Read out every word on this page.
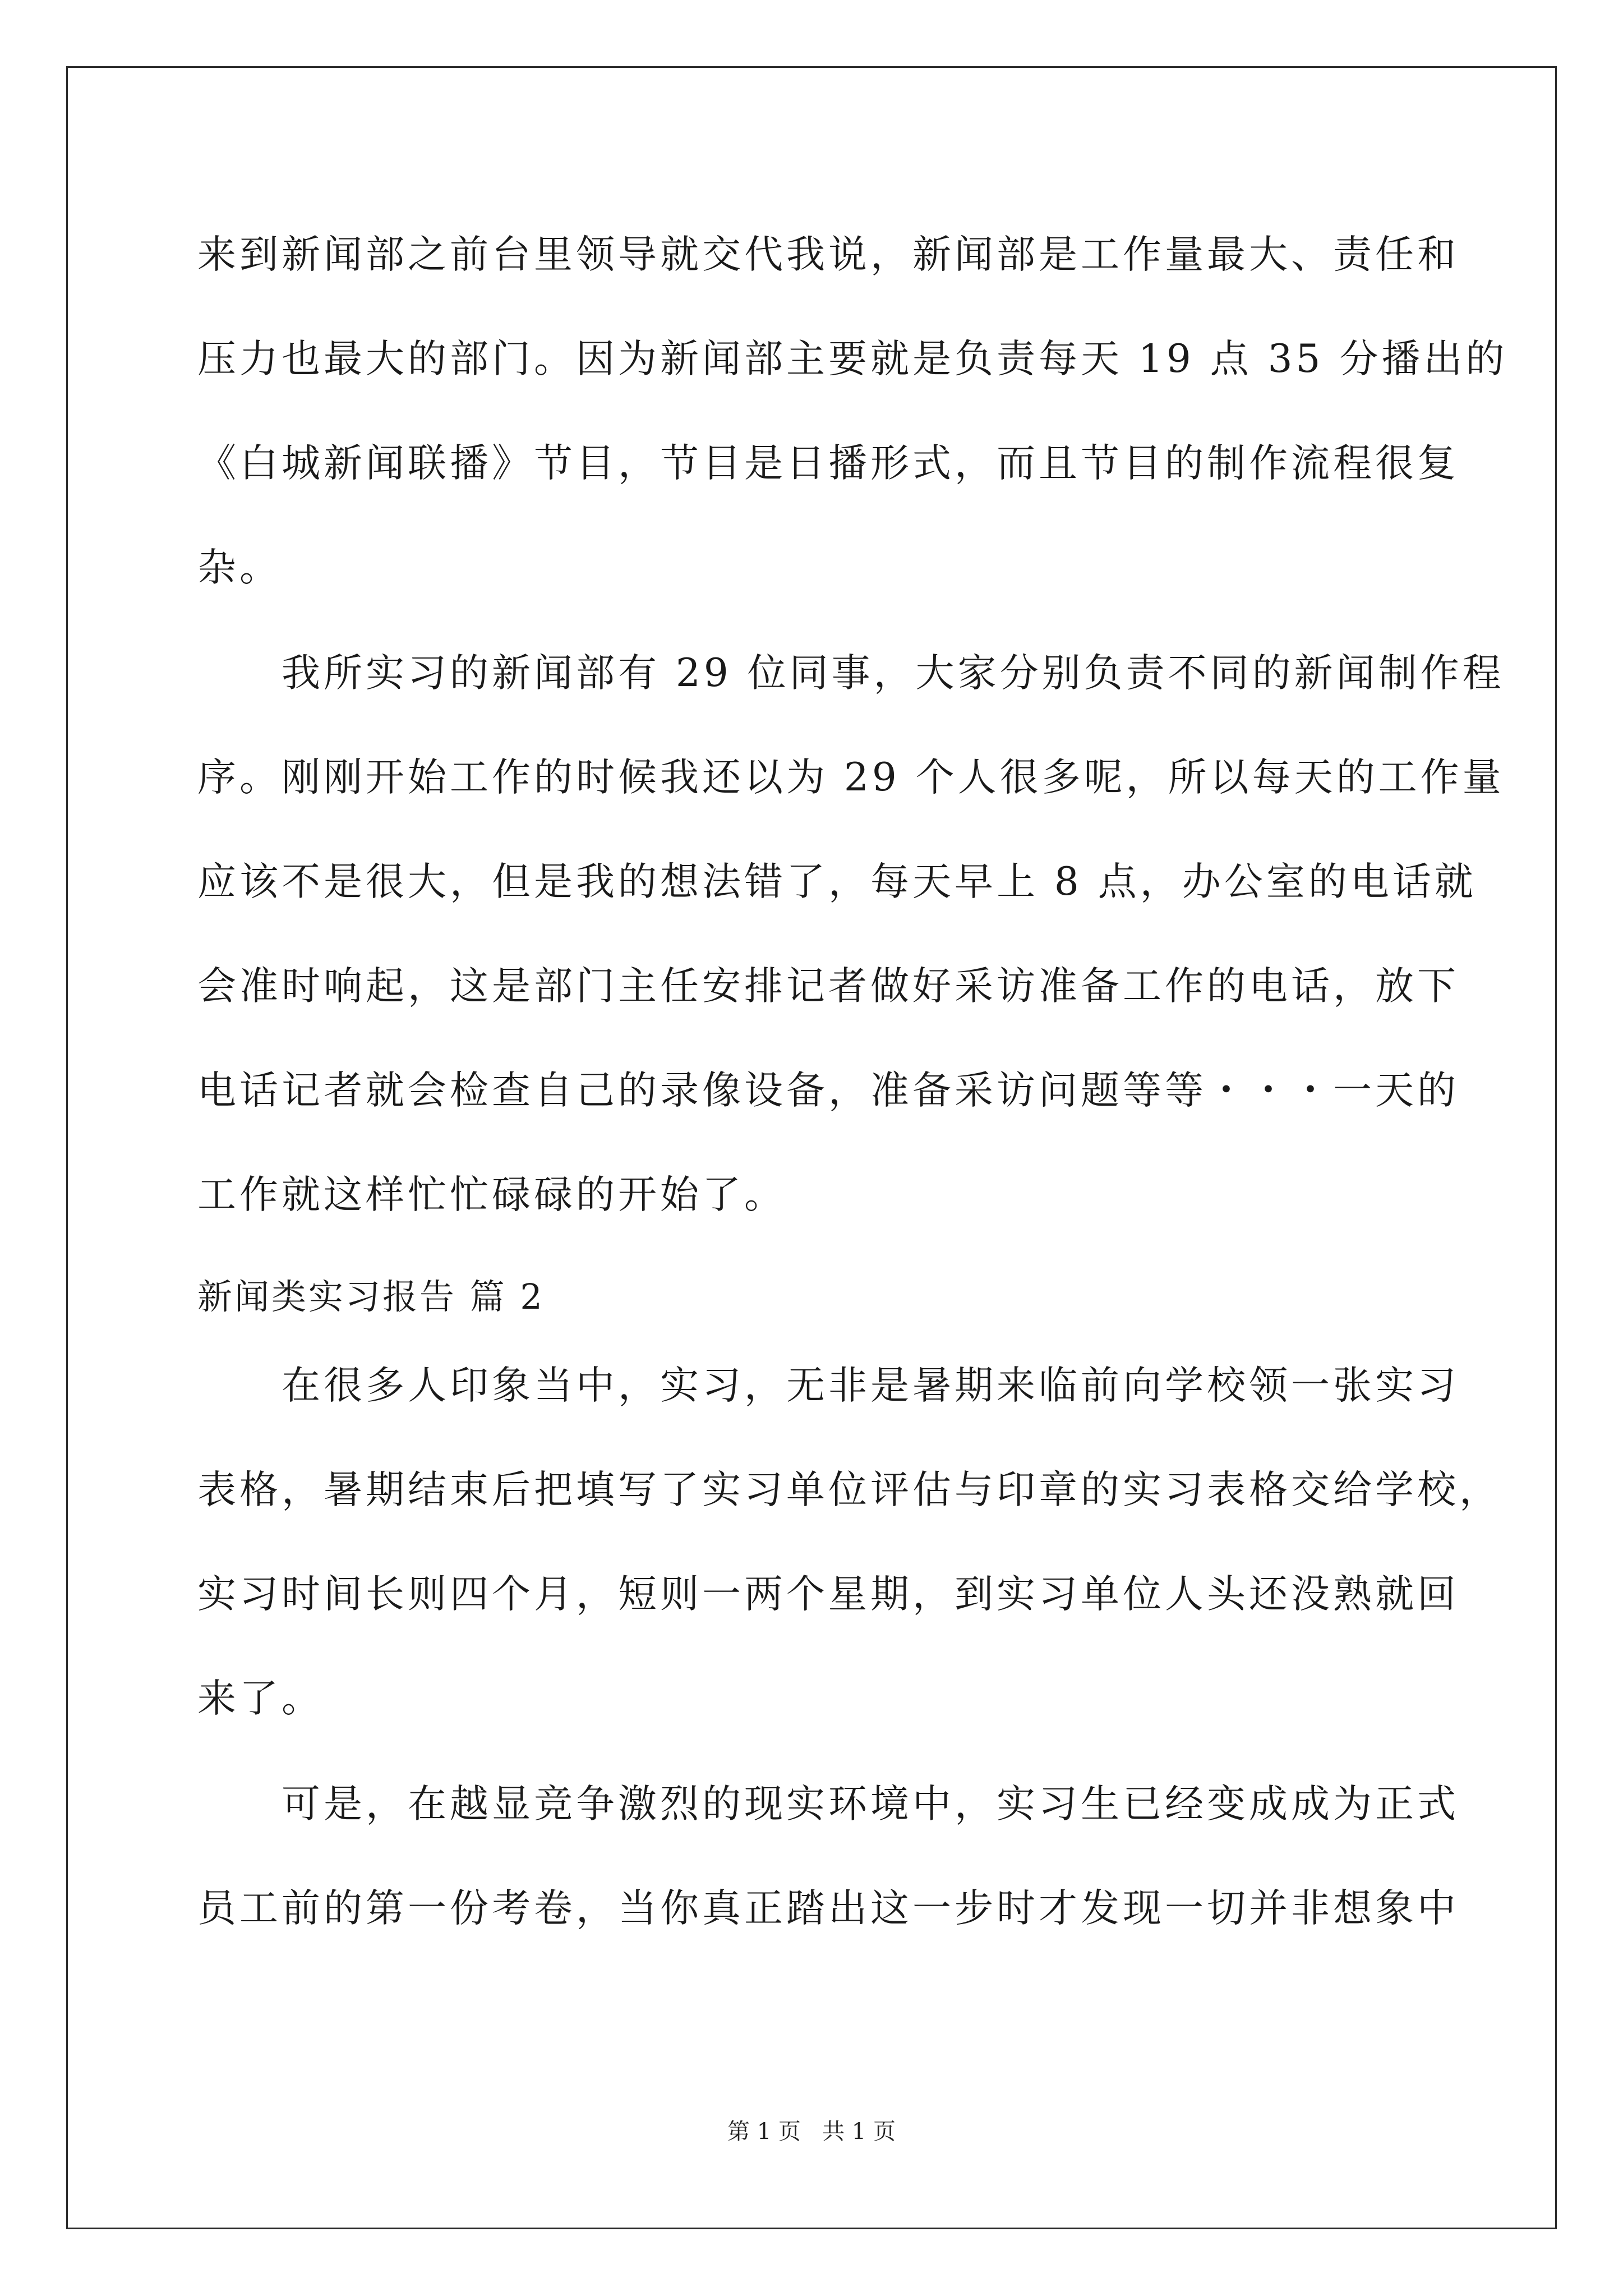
来到新闻部之前台里领导就交代我说，新闻部是工作量最大、责任和
压力也最大的部门。因为新闻部主要就是负责每天 19 点 35 分播出的
《白城新闻联播》节目，节目是日播形式，而且节目的制作流程很复
杂。
　　我所实习的新闻部有 29 位同事，大家分别负责不同的新闻制作程
序。刚刚开始工作的时候我还以为 29 个人很多呢，所以每天的工作量
应该不是很大，但是我的想法错了，每天早上 8 点，办公室的电话就
会准时响起，这是部门主任安排记者做好采访准备工作的电话，放下
电话记者就会检查自己的录像设备，准备采访问题等等・・・一天的
工作就这样忙忙碌碌的开始了。
新闻类实习报告 篇 2
　　在很多人印象当中，实习，无非是暑期来临前向学校领一张实习
表格，暑期结束后把填写了实习单位评估与印章的实习表格交给学校，
实习时间长则四个月，短则一两个星期，到实习单位人头还没熟就回
来了。
　　可是，在越显竞争激烈的现实环境中，实习生已经变成成为正式
员工前的第一份考卷，当你真正踏出这一步时才发现一切并非想象中
第 1 页   共 1 页
